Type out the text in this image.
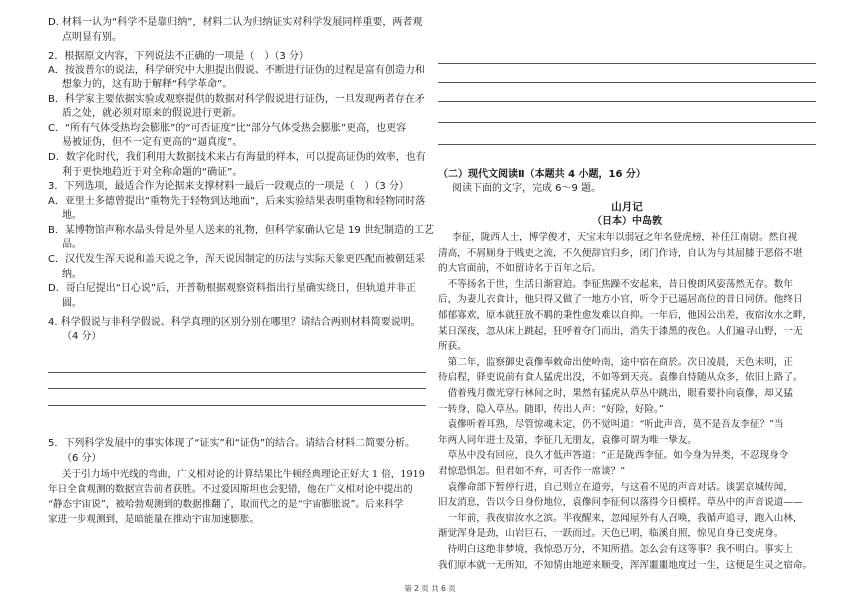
D. 材料一认为“科学不是靠归纳”，材料二认为归纳证实对科学发展同样重要，两者观
点明显有别。
2．根据原文内容，下列说法不正确的一项是（　）（3 分）
A．按波普尔的说法，科学研究中大胆提出假说、不断进行证伪的过程是富有创造力和
想象力的，这有助于解释“科学革命”。
B．科学家主要依据实验或观察提供的数据对科学假说进行证伪，一旦发现两者存在矛
盾之处，就必须对原来的假说进行更新。
C．“所有气体受热均会膨胀”的“可否证度”比“部分气体受热会膨胀”更高，也更容
易被证伪，但不一定有更高的“逼真度”。
D．数字化时代，我们利用大数据技术来占有海量的样本，可以提高证伪的效率，也有
利于更快地趋近于对全称命题的“确证”。
3．下列选项，最适合作为论据来支撑材料一最后一段观点的一项是（　）（3 分）
A．亚里士多德曾提出“重物先于轻物到达地面”，后来实验结果表明重物和轻物同时落
地。
B．某博物馆声称水晶头骨是外星人送来的礼物，但科学家确认它是 19 世纪制造的工艺
品。
C．汉代发生浑天说和盖天说之争，浑天说因制定的历法与实际天象更匹配而被朝廷采
纳。
D．哥白尼提出“日心说”后，开普勒根据观察资料指出行星确实绕日，但轨道并非正
圆。
4. 科学假说与非科学假说、科学真理的区别分别在哪里？请结合两则材料简要说明。
（4 分）
5．下列科学发展中的事实体现了“证实”和“证伪”的结合。请结合材料二简要分析。
（6 分）
关于引力场中光线的弯曲，广义相对论的计算结果比牛顿经典理论正好大 1 倍，1919
年日全食观测的数据宣告前者获胜。不过爱因斯坦也会犯错，他在广义相对论中提出的
“静态宇宙说”，被哈勃观测到的数据推翻了，取而代之的是“宇宙膨胀说”。后来科学
家进一步观测到，是暗能量在推动宇宙加速膨胀。
（二）现代文阅读Ⅱ（本题共 4 小题，16 分）
阅读下面的文字，完成 6～9 题。
山月记
（日本）中岛敦
李征，陇西人士，博学俊才，天宝末年以弱冠之年名登虎榜，补任江南尉。然自视
清高，不屑厕身于贱吏之流，不久便辞官归乡，闭门作诗，自认为与其屈膝于恶俗不堪
的大官面前，不如留诗名于百年之后。
　不等扬名于世，生活日渐窘迫。李征焦躁不安起来，昔日俊朗风姿荡然无存。数年
后，为妻儿衣食计，他只得又做了一地方小官，听令于已逼居高位的昔日同侪。他终日
郁郁寡欢，原本就狂放不羁的秉性愈发难以自抑。一年后，他因公出差，夜宿汝水之畔，
某日深夜，忽从床上跳起，狂呼着夺门而出，消失于漆黑的夜色。人们遍寻山野，一无
所获。
　第二年，监察御史袁傪奉敕命出使岭南，途中宿在商於。次日凌晨，天色未明，正
待启程，驿吏说前有食人猛虎出没，不如等到天亮。袁傪自恃随从众多，依旧上路了。
　借着残月微光穿行林间之时，果然有猛虎从草丛中跳出，眼看要扑向袁傪，却又猛
一转身，隐入草丛。随即，传出人声：“好险，好险。”
　袁傪听着耳熟，尽管惊魂未定，仍不觉叫道：“听此声音，莫不是吾友李征？”当
年两人同年进士及第，李征几无朋友，袁傪可谓为唯一挚友。
　草丛中没有回应，良久才低声答道：“正是陇西李征。如今身为异类，不忍现身令
君惊恐惧怎。但君如不弃，可否作一席谈？”
　袁傪命部下暂停行进，自己则立在道旁，与这看不见的声音对话。谈罢京城传闻，
旧友消息，告以今日身份地位，袁傪问李征何以落得今日模样。草丛中的声音说道——
　一年前，我夜宿汝水之滨。半夜醒来，忽闻屋外有人召唤，我循声追寻，跑入山林，
渐觉浑身是劲，山岩巨石，一跃而过。天色已明，临溪自照，惊见自身已变虎身。
　待明白这绝非梦境，我惊恐万分，不知所措。怎么会有这等事？我不明白。事实上
我们原本就一无所知，不知情由地逆来顺受，浑浑噩噩地度过一生，这便是生灵之宿命。
第 2 页 共 6 页
